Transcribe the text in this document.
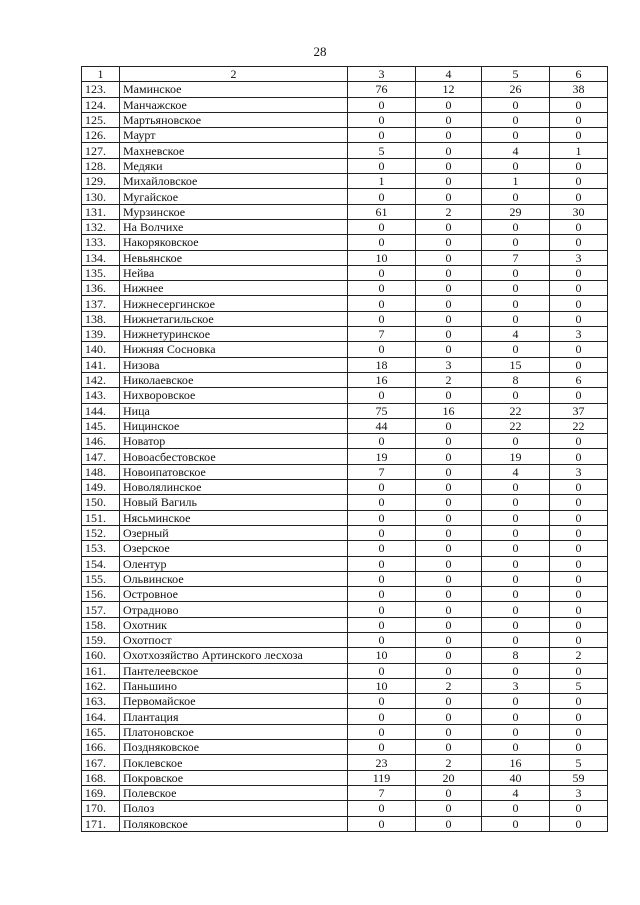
28
1	2	3	4	5	6
123.	Маминское	76	12	26	38
124.	Манчажское	0	0	0	0
125.	Мартьяновское	0	0	0	0
126.	Маурт	0	0	0	0
127.	Махневское	5	0	4	1
128.	Медяки	0	0	0	0
129.	Михайловское	1	0	1	0
130.	Мугайское	0	0	0	0
131.	Мурзинское	61	2	29	30
132.	На Волчихе	0	0	0	0
133.	Накоряковское	0	0	0	0
134.	Невьянское	10	0	7	3
135.	Нейва	0	0	0	0
136.	Нижнее	0	0	0	0
137.	Нижнесергинское	0	0	0	0
138.	Нижнетагильское	0	0	0	0
139.	Нижнетуринское	7	0	4	3
140.	Нижняя Сосновка	0	0	0	0
141.	Низова	18	3	15	0
142.	Николаевское	16	2	8	6
143.	Нихворовское	0	0	0	0
144.	Ница	75	16	22	37
145.	Ницинское	44	0	22	22
146.	Новатор	0	0	0	0
147.	Новоасбестовское	19	0	19	0
148.	Новоипатовское	7	0	4	3
149.	Новолялинское	0	0	0	0
150.	Новый Вагиль	0	0	0	0
151.	Нясьминское	0	0	0	0
152.	Озерный	0	0	0	0
153.	Озерское	0	0	0	0
154.	Олентур	0	0	0	0
155.	Ольвинское	0	0	0	0
156.	Островное	0	0	0	0
157.	Отрадново	0	0	0	0
158.	Охотник	0	0	0	0
159.	Охотпост	0	0	0	0
160.	Охотхозяйство Артинского лесхоза	10	0	8	2
161.	Пантелеевское	0	0	0	0
162.	Паньшино	10	2	3	5
163.	Первомайское	0	0	0	0
164.	Плантация	0	0	0	0
165.	Платоновское	0	0	0	0
166.	Поздняковское	0	0	0	0
167.	Поклевское	23	2	16	5
168.	Покровское	119	20	40	59
169.	Полевское	7	0	4	3
170.	Полоз	0	0	0	0
171.	Поляковское	0	0	0	0
